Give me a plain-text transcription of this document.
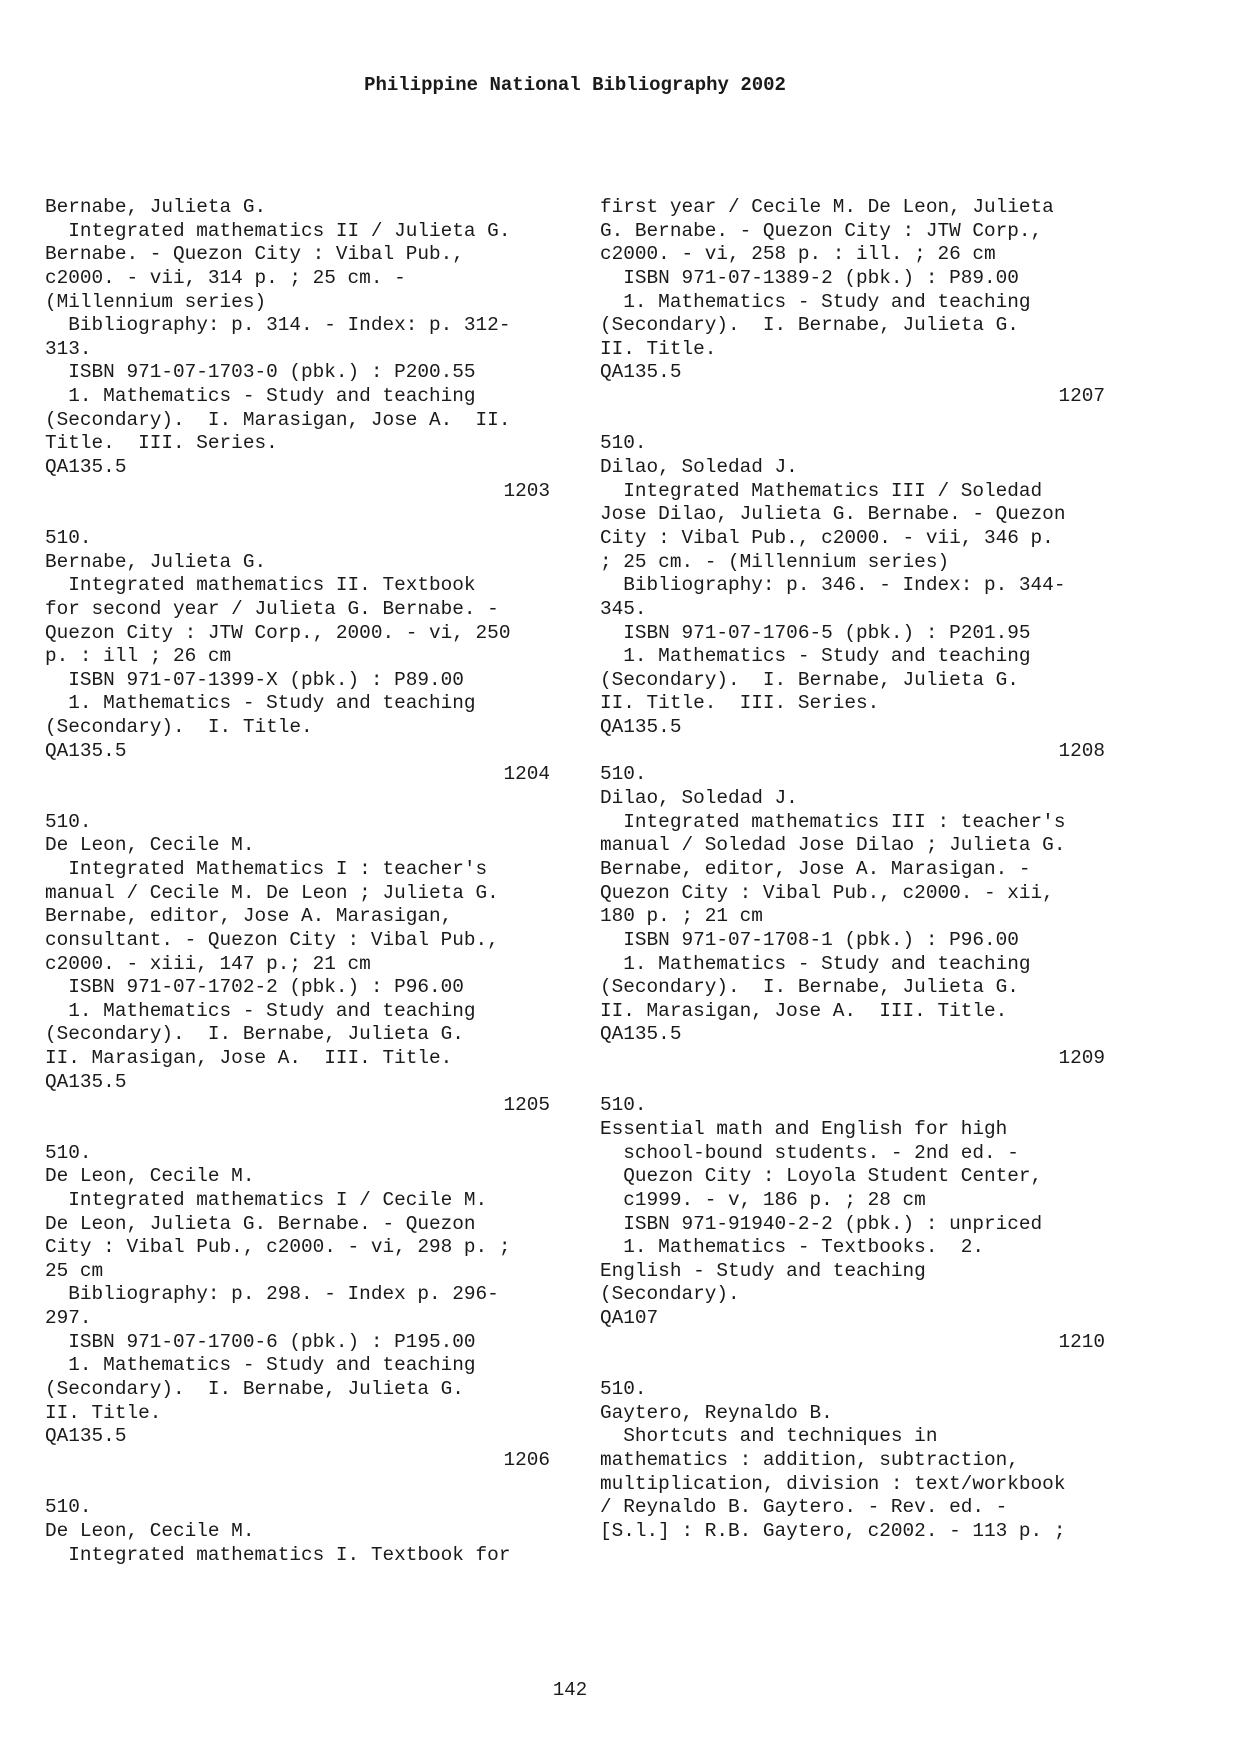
Philippine National Bibliography 2002
Bernabe, Julieta G.
Integrated mathematics II / Julieta G.
Bernabe. - Quezon City : Vibal Pub.,
c2000. - vii, 314 p. ; 25 cm. -
(Millennium series)
Bibliography: p. 314. - Index: p. 312-
313.
ISBN 971-07-1703-0 (pbk.) : P200.55
1. Mathematics - Study and teaching
(Secondary).  I. Marasigan, Jose A.  II.
Title.  III. Series.
QA135.5
1203
510.
Bernabe, Julieta G.
Integrated mathematics II. Textbook
for second year / Julieta G. Bernabe. -
Quezon City : JTW Corp., 2000. - vi, 250
p. : ill ; 26 cm
ISBN 971-07-1399-X (pbk.) : P89.00
1. Mathematics - Study and teaching
(Secondary).  I. Title.
QA135.5
1204
510.
De Leon, Cecile M.
Integrated Mathematics I : teacher's
manual / Cecile M. De Leon ; Julieta G.
Bernabe, editor, Jose A. Marasigan,
consultant. - Quezon City : Vibal Pub.,
c2000. - xiii, 147 p.; 21 cm
ISBN 971-07-1702-2 (pbk.) : P96.00
1. Mathematics - Study and teaching
(Secondary).  I. Bernabe, Julieta G.
II. Marasigan, Jose A.  III. Title.
QA135.5
1205
510.
De Leon, Cecile M.
Integrated mathematics I / Cecile M.
De Leon, Julieta G. Bernabe. - Quezon
City : Vibal Pub., c2000. - vi, 298 p. ;
25 cm
Bibliography: p. 298. - Index p. 296-
297.
ISBN 971-07-1700-6 (pbk.) : P195.00
1. Mathematics - Study and teaching
(Secondary).  I. Bernabe, Julieta G.
II. Title.
QA135.5
1206
510.
De Leon, Cecile M.
Integrated mathematics I. Textbook for
first year / Cecile M. De Leon, Julieta
G. Bernabe. - Quezon City : JTW Corp.,
c2000. - vi, 258 p. : ill. ; 26 cm
ISBN 971-07-1389-2 (pbk.) : P89.00
1. Mathematics - Study and teaching
(Secondary).  I. Bernabe, Julieta G.
II. Title.
QA135.5
1207
510.
Dilao, Soledad J.
Integrated Mathematics III / Soledad
Jose Dilao, Julieta G. Bernabe. - Quezon
City : Vibal Pub., c2000. - vii, 346 p.
; 25 cm. - (Millennium series)
Bibliography: p. 346. - Index: p. 344-
345.
ISBN 971-07-1706-5 (pbk.) : P201.95
1. Mathematics - Study and teaching
(Secondary).  I. Bernabe, Julieta G.
II. Title.  III. Series.
QA135.5
1208
510.
Dilao, Soledad J.
Integrated mathematics III : teacher's
manual / Soledad Jose Dilao ; Julieta G.
Bernabe, editor, Jose A. Marasigan. -
Quezon City : Vibal Pub., c2000. - xii,
180 p. ; 21 cm
ISBN 971-07-1708-1 (pbk.) : P96.00
1. Mathematics - Study and teaching
(Secondary).  I. Bernabe, Julieta G.
II. Marasigan, Jose A.  III. Title.
QA135.5
1209
510.
Essential math and English for high
school-bound students. - 2nd ed. -
Quezon City : Loyola Student Center,
c1999. - v, 186 p. ; 28 cm
ISBN 971-91940-2-2 (pbk.) : unpriced
1. Mathematics - Textbooks.  2.
English - Study and teaching
(Secondary).
QA107
1210
510.
Gaytero, Reynaldo B.
Shortcuts and techniques in
mathematics : addition, subtraction,
multiplication, division : text/workbook
/ Reynaldo B. Gaytero. - Rev. ed. -
[S.l.] : R.B. Gaytero, c2002. - 113 p. ;
142
